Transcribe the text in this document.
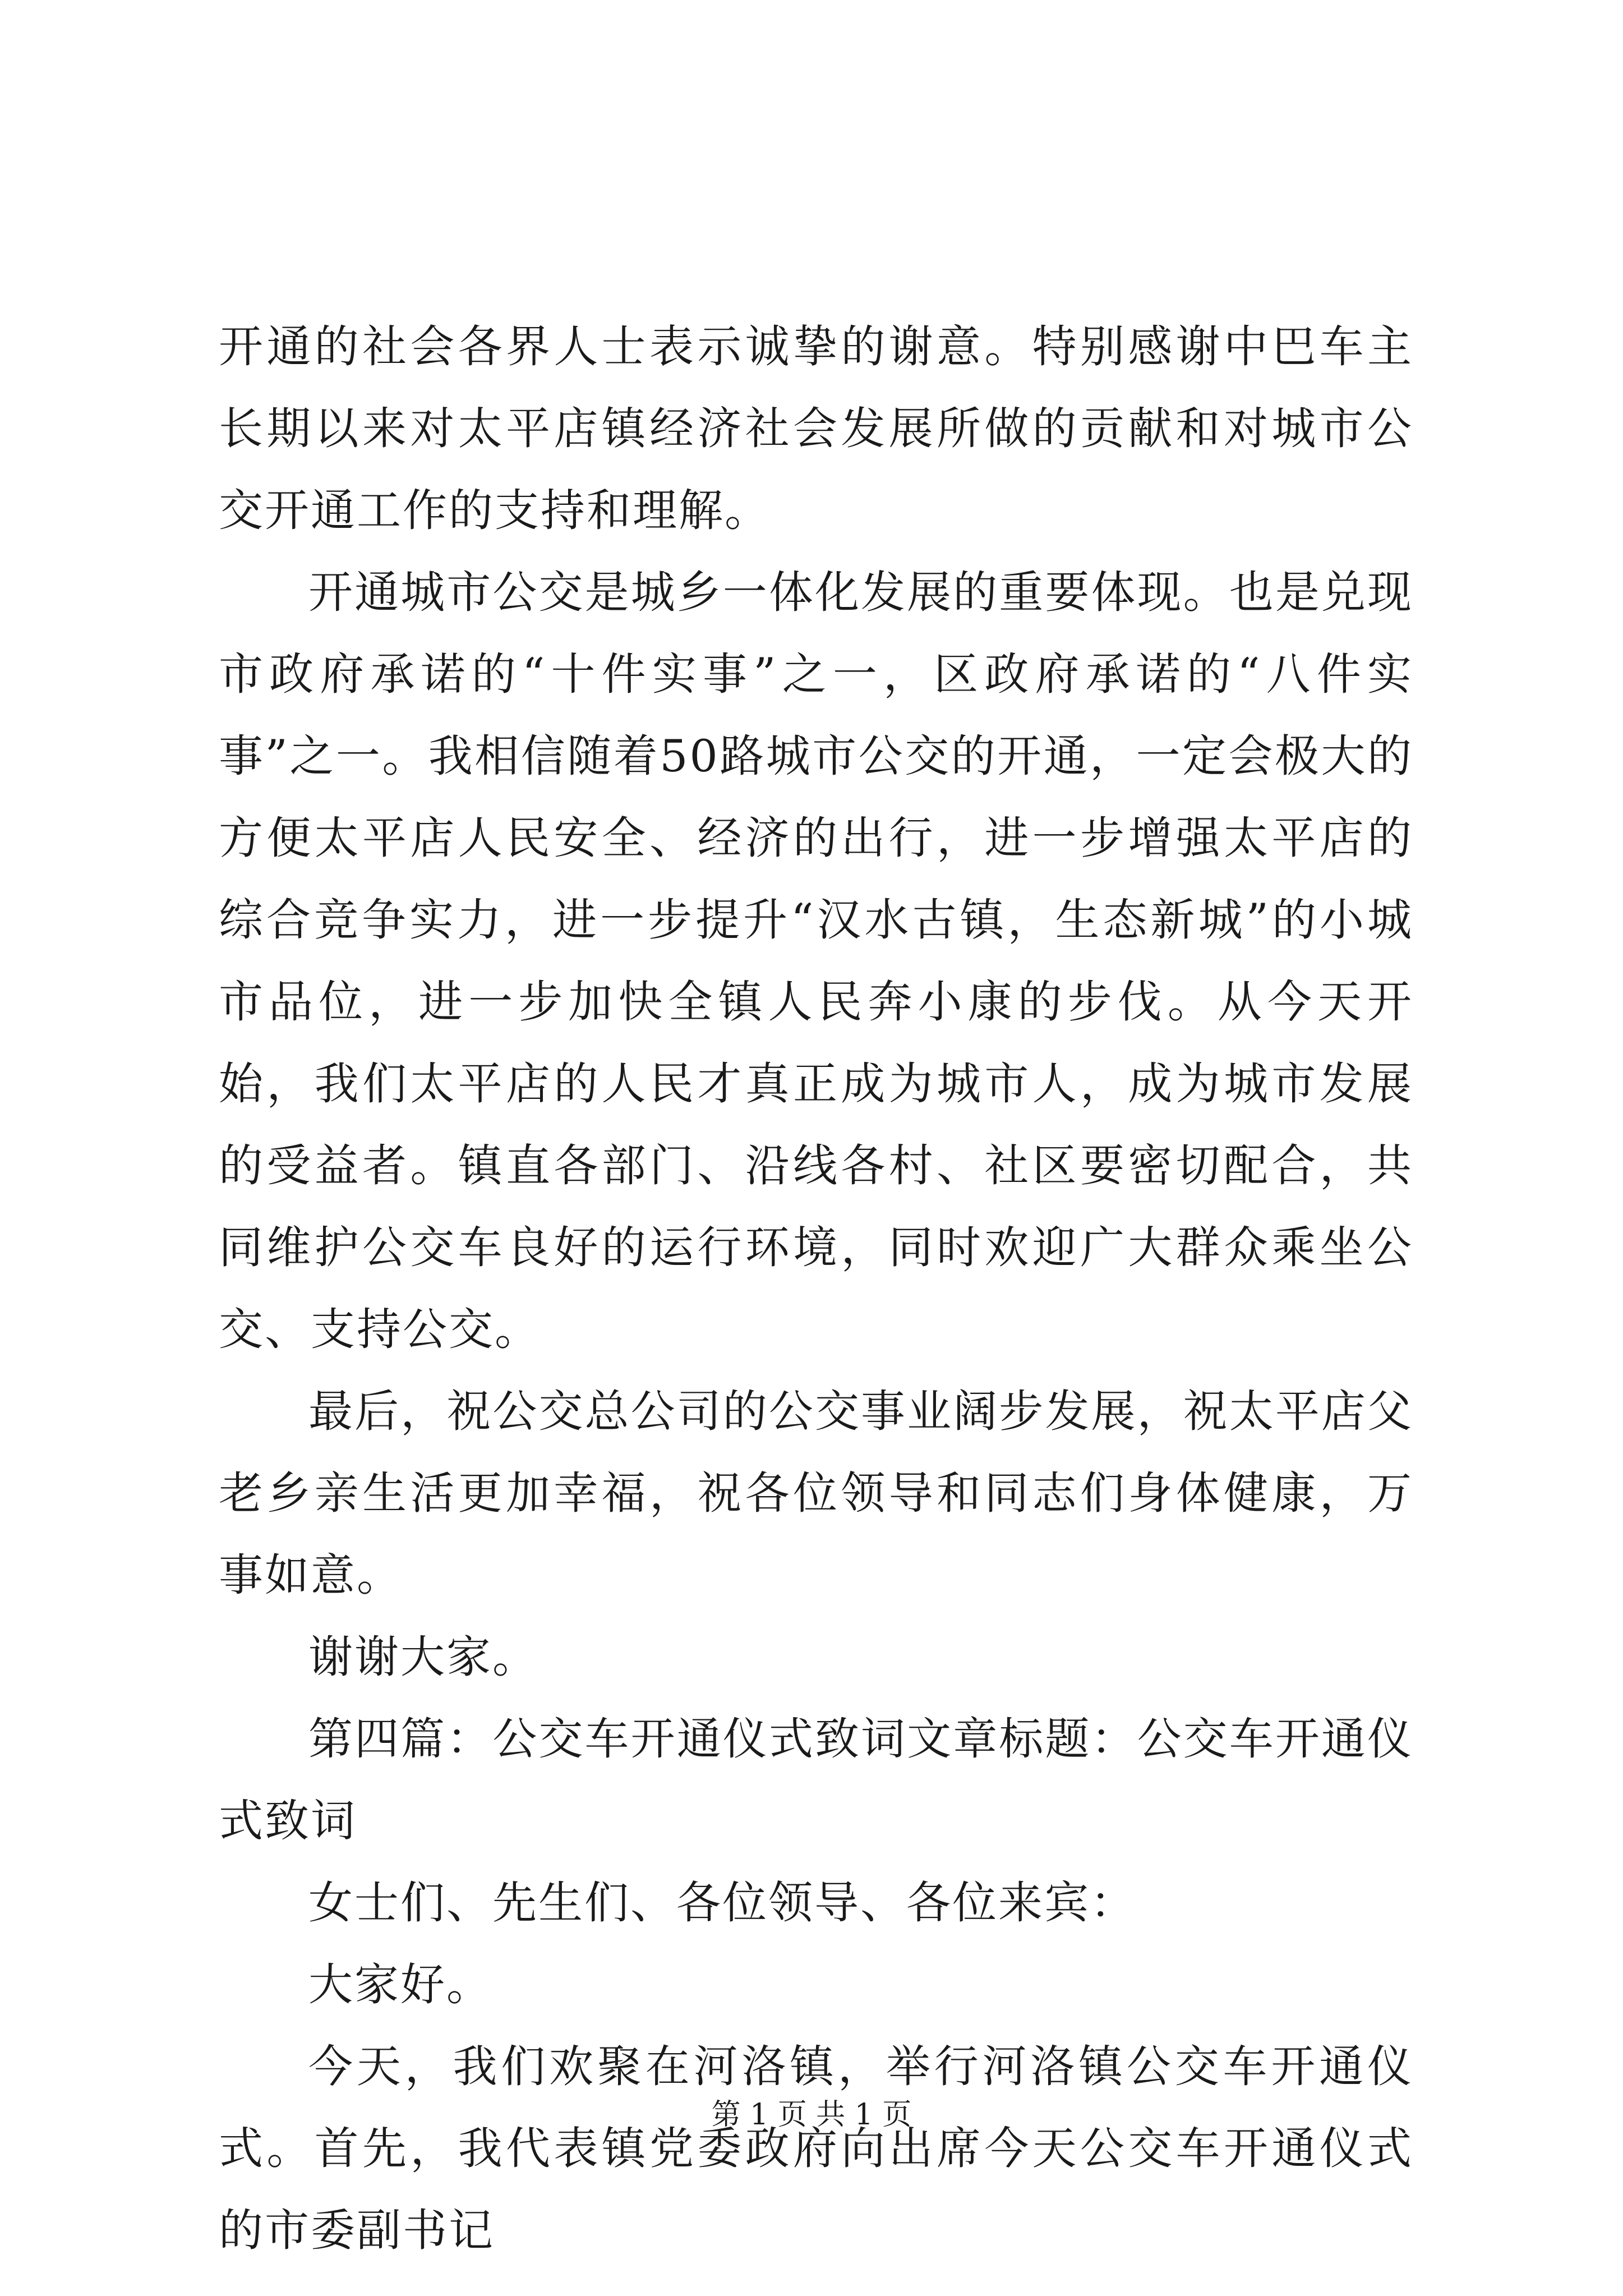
开通的社会各界人士表示诚挚的谢意。特别感谢中巴车主长期以来对太平店镇经济社会发展所做的贡献和对城市公交开通工作的支持和理解。

开通城市公交是城乡一体化发展的重要体现。也是兑现市政府承诺的“十件实事”之一，区政府承诺的“八件实事”之一。我相信随着50路城市公交的开通，一定会极大的方便太平店人民安全、经济的出行，进一步增强太平店的综合竞争实力，进一步提升“汉水古镇，生态新城”的小城市品位，进一步加快全镇人民奔小康的步伐。从今天开始，我们太平店的人民才真正成为城市人，成为城市发展的受益者。镇直各部门、沿线各村、社区要密切配合，共同维护公交车良好的运行环境，同时欢迎广大群众乘坐公交、支持公交。

最后，祝公交总公司的公交事业阔步发展，祝太平店父老乡亲生活更加幸福，祝各位领导和同志们身体健康，万事如意。

谢谢大家。

第四篇：公交车开通仪式致词文章标题：公交车开通仪式致词

女士们、先生们、各位领导、各位来宾：

大家好。

今天，我们欢聚在河洛镇，举行河洛镇公交车开通仪式。首先，我代表镇党委政府向出席今天公交车开通仪式的市委副书记

第 1 页 共 1 页
